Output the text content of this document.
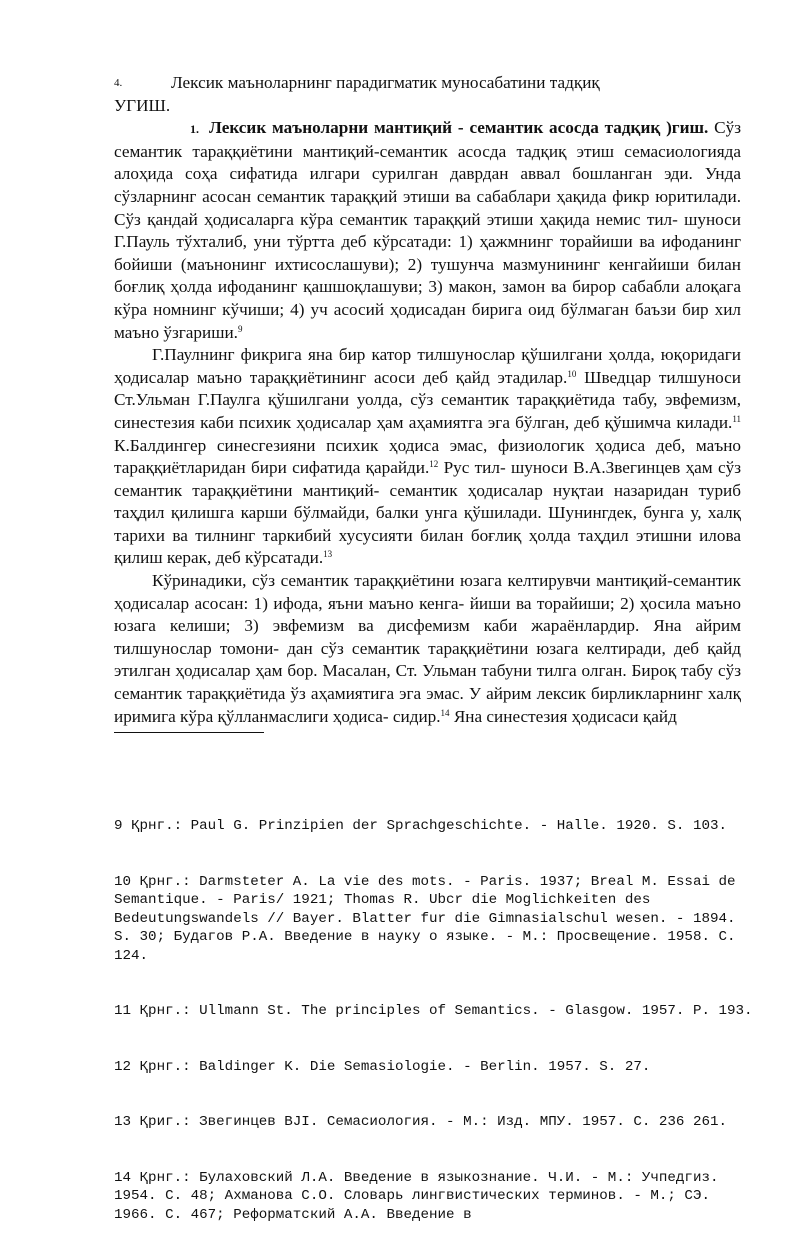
4.	Лексик маъноларнинг парадигматик муносабатини тадқиқ
УГИШ.

1. Лексик маъноларни мантиқий - семантик асосда тадқиқ )гиш. Сўз семантик тараққиётини мантиқий-семантик асосда тадқиқ этиш семасиологияда алоҳида соҳа сифатида илгари сурилган даврдан аввал бошланган эди. Унда сўзларнинг асосан семантик тараққий этиши ва сабаблари ҳақида фикр юритилади. Сўз қандай ҳодисаларга кўра семантик тараққий этиши ҳақида немис тил- шуноси Г.Пауль тўхталиб, уни тўртта деб кўрсатади: 1) ҳажмнинг торайиши ва ифоданинг бойиши (маънонинг ихтисослашуви); 2) тушунча мазмунининг кенгайиши билан боғлиқ ҳолда ифоданинг қашшоқлашуви; 3) макон, замон ва бирор сабабли алоқага кўра номнинг кўчиши; 4) уч асосий ҳодисадан бирига оид бўлмаган баъзи бир хил маъно ўзгариши.$^9$

Г.Паулнинг фикрига яна бир катор тилшунослар қўшилгани ҳолда, юқоридаги ҳодисалар маъно тараққиётининг асоси деб қайд этадилар.$^{10}$ Шведцар тилшуноси Ст.Ульман Г.Паулга қўшилгани уолда, сўз семантик тараққиётида табу, эвфемизм, синестезия каби психик ҳодисалар ҳам аҳамиятга эга бўлган, деб қўшимча килади.$^{11}$ К.Балдингер синесгезияни психик ҳодиса эмас, физиологик ҳодиса деб, маъно тараққиётларидан бири сифатида қарайди.$^{12}$ Рус тил- шуноси В.А.Звегинцев ҳам сўз семантик тараққиётини мантиқий- семантик ҳодисалар нуқтаи назаридан туриб таҳдил қилишга карши бўлмайди, балки унга қўшилади. Шунингдек, бунга у, халқ тарихи ва тилнинг таркибий хусусияти билан боғлиқ ҳолда таҳдил этишни илова қилиш керак, деб кўрсатади.$^{13}$

Кўринадики, сўз семантик тараққиётини юзага келтирувчи мантиқий-семантик ҳодисалар асосан: 1) ифода, яъни маъно кенга- йиши ва торайиши; 2) ҳосила маъно юзага келиши; 3) эвфемизм ва дисфемизм каби жараёнлардир. Яна айрим тилшунослар томони- дан сўз семантик тараққиётини юзага келтиради, деб қайд этилган ҳодисалар ҳам бор. Масалан, Ст. Ульман табуни тилга олган. Бироқ табу сўз семантик тараққиётида ўз аҳамиятига эга эмас. У айрим лексик бирликларнинг халқ иримига кўра қўлланмаслиги ҳодиса- сидир.$^{14}$ Яна синестезия ҳодисаси қайд

9 Қрнг.: Paul G. Prinzipien der Sprachgeschichte. - Halle. 1920. S. 103.

10 Қрнг.: Darmsteter A. La vie des mots. - Paris. 1937; Breal M. Essai de Semantique. - Paris/ 1921; Thomas R. Ubcr die Moglichkeiten des Bedeutungswandels // Bayer. Blatter fur die Gimnasialschul wesen. - 1894. S. 30; Будагов Р.А. Введение в науку о языке. - М.: Просвещение. 1958. С. 124.

11 Қрнг.: Ullmann St. The principles of Semantics. - Glasgow. 1957. P. 193.

12 Қрнг.: Baldinger K. Die Semasiologie. - Berlin. 1957. S. 27.

13 Қриг.: Звегинцев BJI. Семасиология. - М.: Изд. МПУ. 1957. С. 236 261.

14 Қрнг.: Булаховский Л.А. Введение в языкознание. Ч.И. - М.: Учпедгиз. 1954. С. 48; Ахманова С.О. Словарь лингвистических терминов. - М.; СЭ. 1966. С. 467; Реформатский А.А. Введение в
